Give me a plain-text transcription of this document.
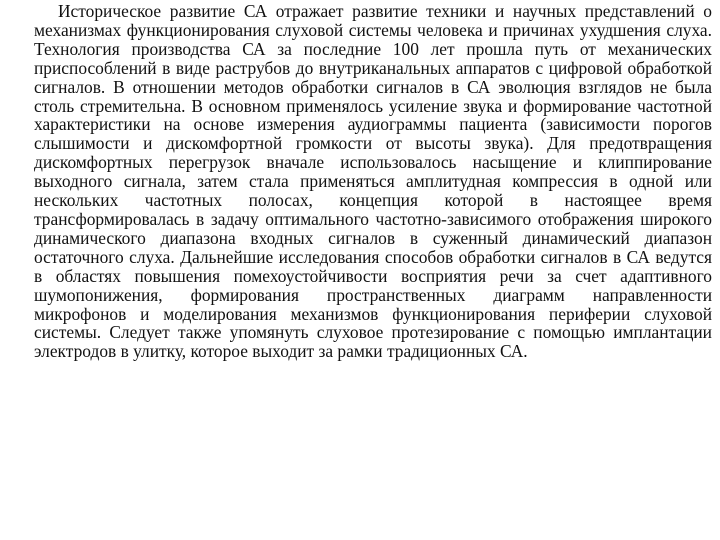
Историческое развитие СА отражает развитие техники и научных представлений о механизмах функционирования слуховой системы человека и причинах ухудшения слуха. Технология производства СА за последние 100 лет прошла путь от механических приспособлений в виде раструбов до внутриканальных аппаратов с цифровой обработкой сигналов. В отношении методов обработки сигналов в СА эволюция взглядов не была столь стремительна. В основном применялось усиление звука и формирование частотной характеристики на основе измерения аудиограммы пациента (зависимости порогов слышимости и дискомфортной громкости от высоты звука). Для предотвращения дискомфортных перегрузок вначале использовалось насыщение и клиппирование выходного сигнала, затем стала применяться амплитудная компрессия в одной или нескольких частотных полосах, концепция которой в настоящее время трансформировалась в задачу оптимального частотно-зависимого отображения широкого динамического диапазона входных сигналов в суженный динамический диапазон остаточного слуха. Дальнейшие исследования способов обработки сигналов в СА ведутся в областях повышения помехоустойчивости восприятия речи за счет адаптивного шумопонижения, формирования пространственных диаграмм направленности микрофонов и моделирования механизмов функционирования периферии слуховой системы. Следует также упомянуть слуховое протезирование с помощью имплантации электродов в улитку, которое выходит за рамки традиционных СА.
